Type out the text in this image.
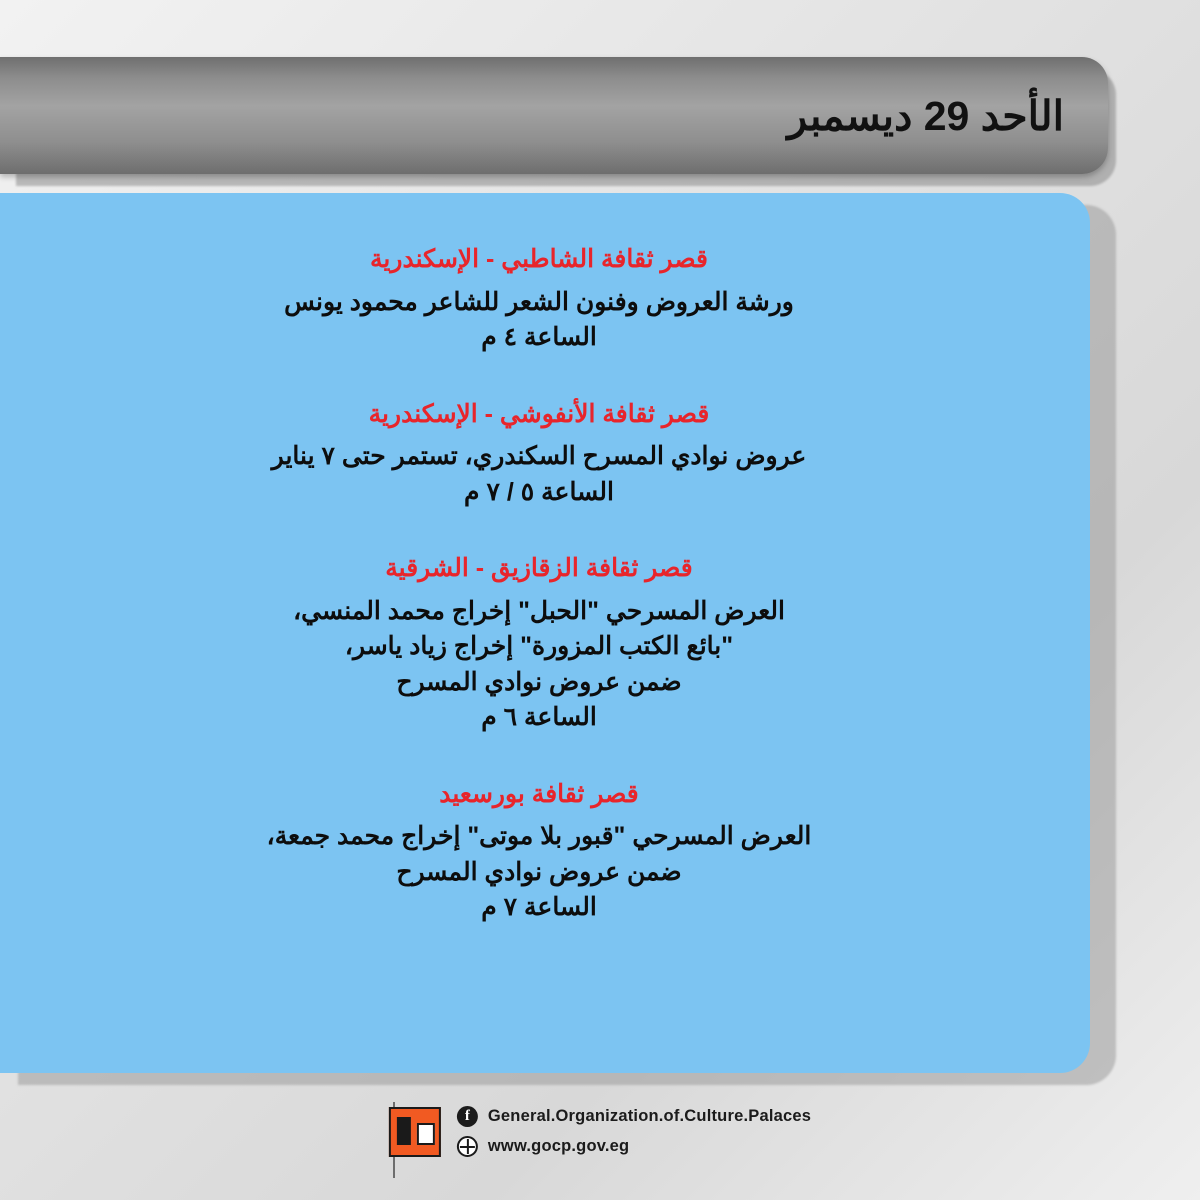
الأحد 29 ديسمبر
قصر ثقافة الشاطبي - الإسكندرية
ورشة العروض وفنون الشعر للشاعر محمود يونس
الساعة ٤ م
قصر ثقافة الأنفوشي - الإسكندرية
عروض نوادي المسرح السكندري، تستمر حتى ٧ يناير
الساعة ٥ / ٧ م
قصر ثقافة الزقازيق - الشرقية
العرض المسرحي "الحبل" إخراج محمد المنسي،
"بائع الكتب المزورة" إخراج زياد ياسر،
ضمن عروض نوادي المسرح
الساعة ٦ م
قصر ثقافة بورسعيد
العرض المسرحي "قبور بلا موتى" إخراج محمد جمعة،
ضمن عروض نوادي المسرح
الساعة ٧ م
f	General.Organization.of.Culture.Palaces
www.gocp.gov.eg
